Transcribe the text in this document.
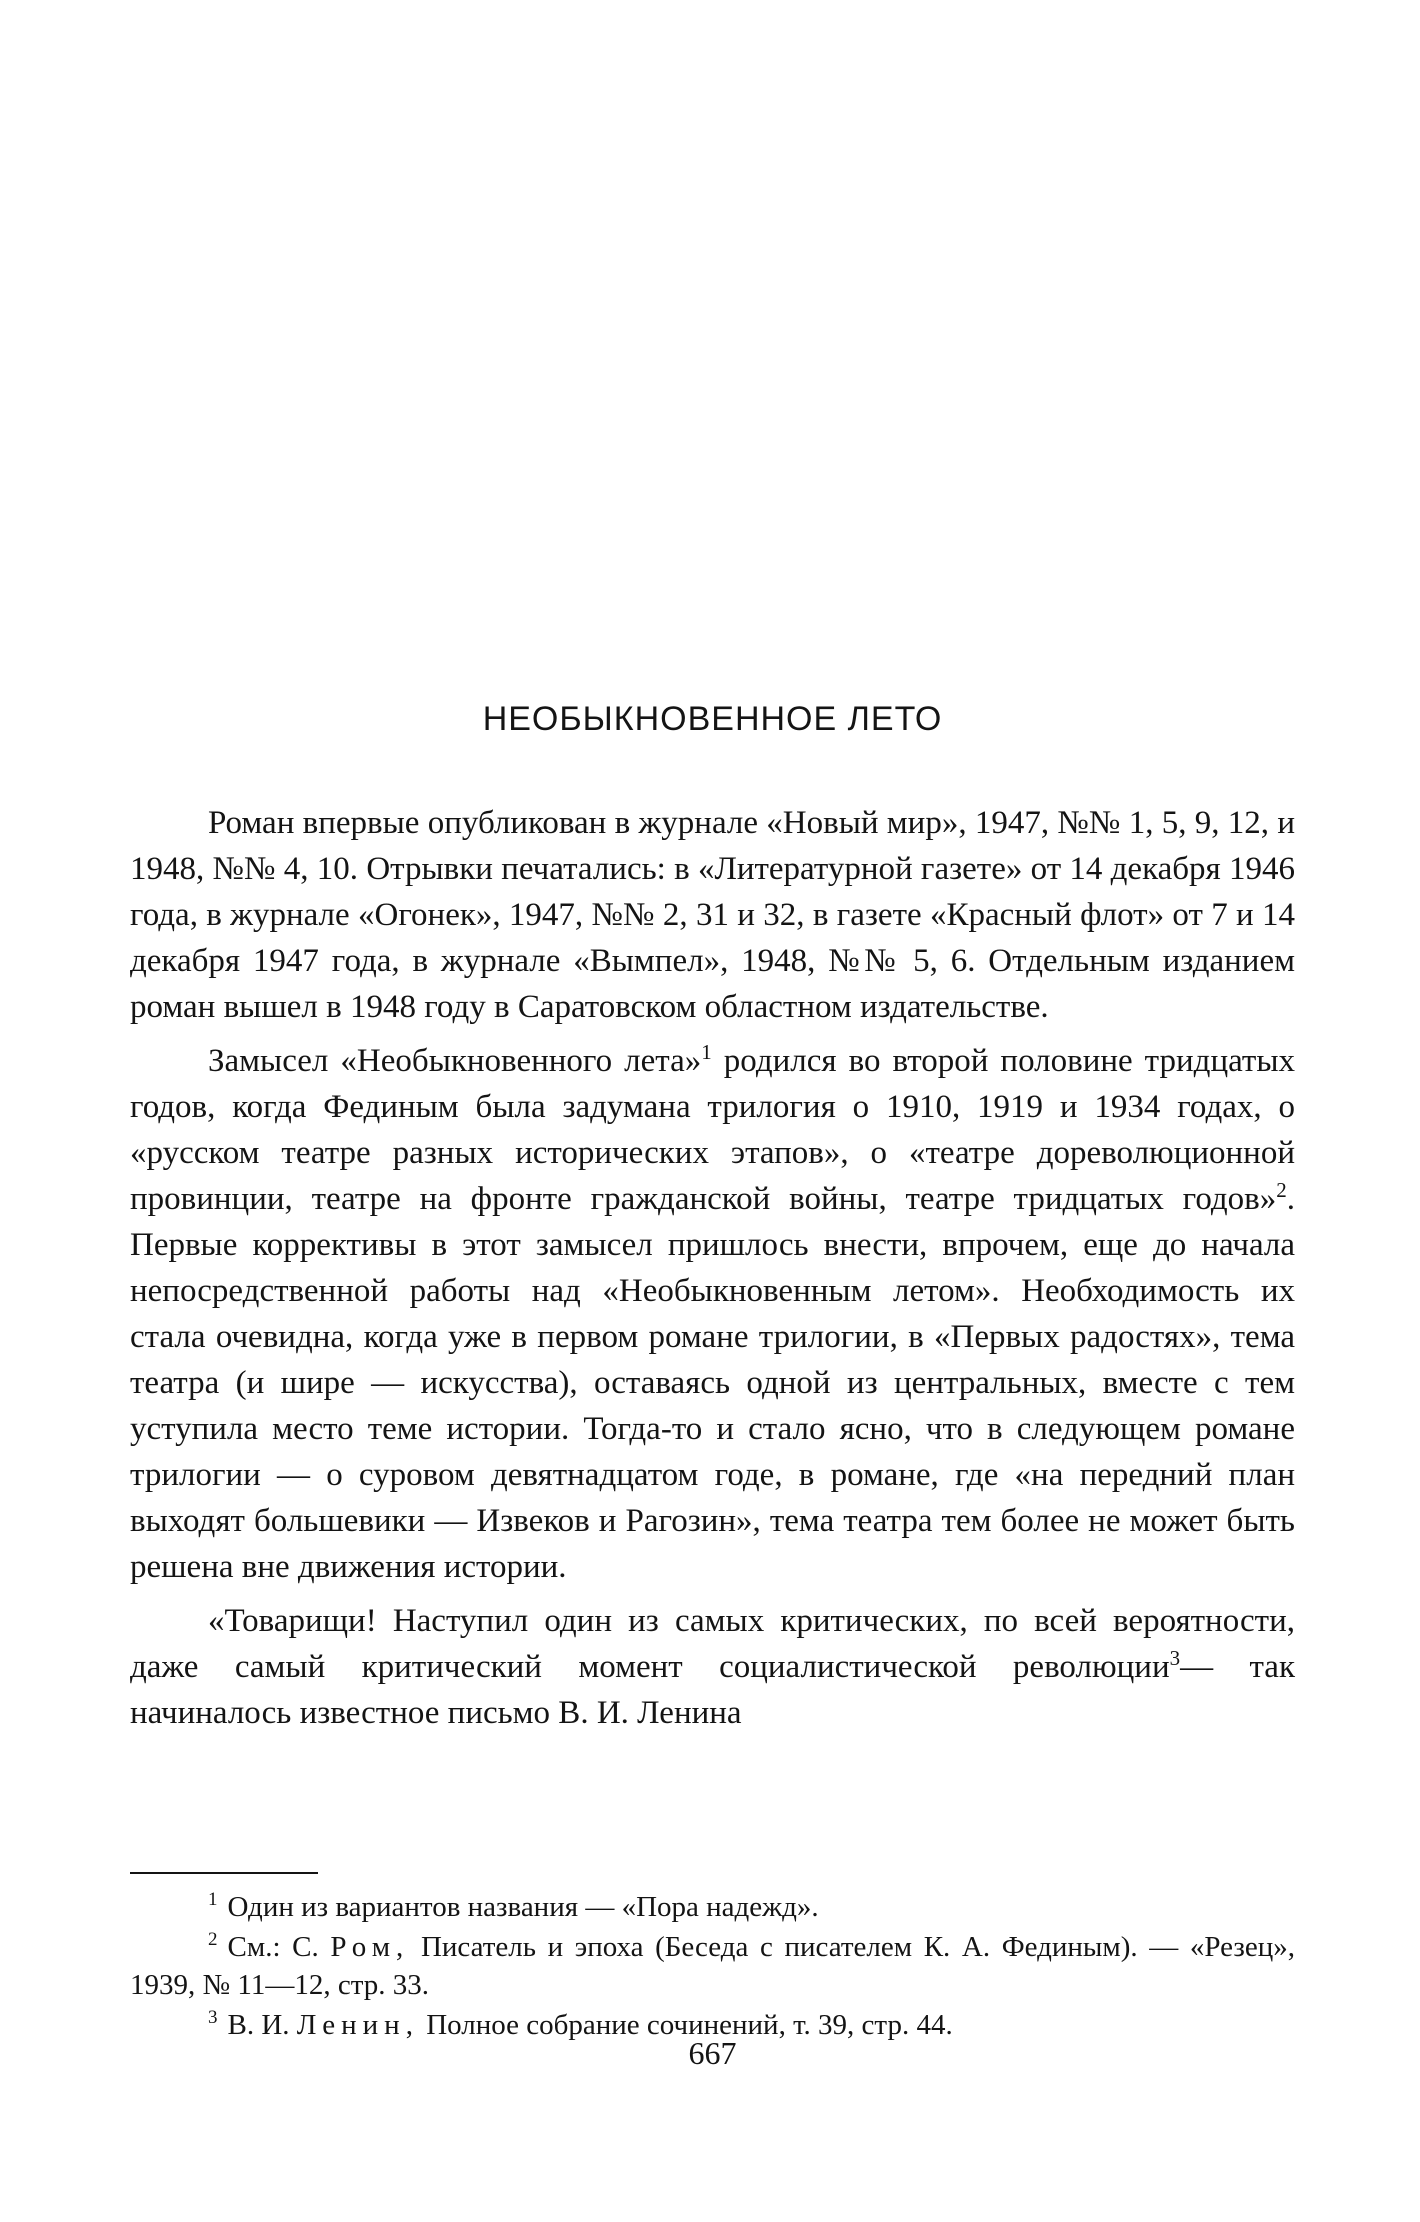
НЕОБЫКНОВЕННОЕ ЛЕТО

Роман впервые опубликован в журнале «Новый мир», 1947, №№ 1, 5, 9, 12, и 1948, №№ 4, 10. Отрывки печатались: в «Литературной газете» от 14 декабря 1946 года, в журнале «Огонек», 1947, №№ 2, 31 и 32, в газете «Красный флот» от 7 и 14 декабря 1947 года, в журнале «Вымпел», 1948, №№ 5, 6. Отдельным изданием роман вышел в 1948 году в Саратовском областном издательстве.

Замысел «Необыкновенного лета»$^1$ родился во второй половине тридцатых годов, когда Фединым была задумана трилогия о 1910, 1919 и 1934 годах, о «русском театре разных исторических этапов», о «театре дореволюционной провинции, театре на фронте гражданской войны, театре тридцатых годов»$^2$. Первые коррективы в этот замысел пришлось внести, впрочем, еще до начала непосредственной работы над «Необыкновенным летом». Необходимость их стала очевидна, когда уже в первом романе трилогии, в «Первых радостях», тема театра (и шире — искусства), оставаясь одной из центральных, вместе с тем уступила место теме истории. Тогда-то и стало ясно, что в следующем романе трилогии — о суровом девятнадцатом годе, в романе, где «на передний план выходят большевики — Извеков и Рагозин», тема театра тем более не может быть решена вне движения истории.

«Товарищи! Наступил один из самых критических, по всей вероятности, даже самый критический момент социалистической революции$^3$— так начиналось известное письмо В. И. Ленина

$^1$ Один из вариантов названия — «Пора надежд».

$^2$ См.: С. Ром, Писатель и эпоха (Беседа с писателем К. А. Фединым). — «Резец», 1939, № 11—12, стр. 33.

$^3$ В. И. Ленин, Полное собрание сочинений, т. 39, стр. 44.

667
